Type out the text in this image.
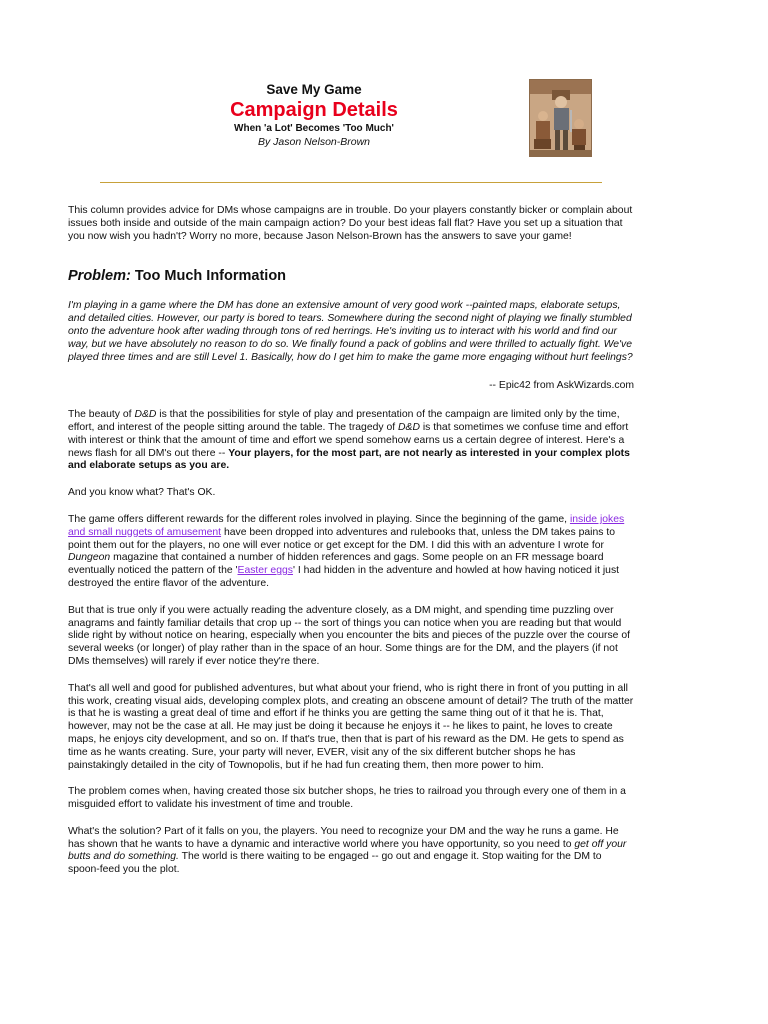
Save My Game
Campaign Details
When 'a Lot' Becomes 'Too Much'
By Jason Nelson-Brown

This column provides advice for DMs whose campaigns are in trouble. Do your players constantly bicker or complain about issues both inside and outside of the main campaign action? Do your best ideas fall flat? Have you set up a situation that you now wish you hadn't? Worry no more, because Jason Nelson-Brown has the answers to save your game!

Problem: Too Much Information

I'm playing in a game where the DM has done an extensive amount of very good work --painted maps, elaborate setups, and detailed cities. However, our party is bored to tears. Somewhere during the second night of playing we finally stumbled onto the adventure hook after wading through tons of red herrings. He's inviting us to interact with his world and find our way, but we have absolutely no reason to do so. We finally found a pack of goblins and were thrilled to actually fight. We've played three times and are still Level 1. Basically, how do I get him to make the game more engaging without hurt feelings?

-- Epic42 from AskWizards.com

The beauty of D&D is that the possibilities for style of play and presentation of the campaign are limited only by the time, effort, and interest of the people sitting around the table. The tragedy of D&D is that sometimes we confuse time and effort with interest or think that the amount of time and effort we spend somehow earns us a certain degree of interest. Here's a news flash for all DM's out there -- Your players, for the most part, are not nearly as interested in your complex plots and elaborate setups as you are.

And you know what? That's OK.

The game offers different rewards for the different roles involved in playing. Since the beginning of the game, inside jokes and small nuggets of amusement have been dropped into adventures and rulebooks that, unless the DM takes pains to point them out for the players, no one will ever notice or get except for the DM. I did this with an adventure I wrote for Dungeon magazine that contained a number of hidden references and gags. Some people on an FR message board eventually noticed the pattern of the 'Easter eggs' I had hidden in the adventure and howled at how having noticed it just destroyed the entire flavor of the adventure.

But that is true only if you were actually reading the adventure closely, as a DM might, and spending time puzzling over anagrams and faintly familiar details that crop up -- the sort of things you can notice when you are reading but that would slide right by without notice on hearing, especially when you encounter the bits and pieces of the puzzle over the course of several weeks (or longer) of play rather than in the space of an hour. Some things are for the DM, and the players (if not DMs themselves) will rarely if ever notice they're there.

That's all well and good for published adventures, but what about your friend, who is right there in front of you putting in all this work, creating visual aids, developing complex plots, and creating an obscene amount of detail? The truth of the matter is that he is wasting a great deal of time and effort if he thinks you are getting the same thing out of it that he is. That, however, may not be the case at all. He may just be doing it because he enjoys it -- he likes to paint, he loves to create maps, he enjoys city development, and so on. If that's true, then that is part of his reward as the DM. He gets to spend as time as he wants creating. Sure, your party will never, EVER, visit any of the six different butcher shops he has painstakingly detailed in the city of Townopolis, but if he had fun creating them, then more power to him.

The problem comes when, having created those six butcher shops, he tries to railroad you through every one of them in a misguided effort to validate his investment of time and trouble.

What's the solution? Part of it falls on you, the players. You need to recognize your DM and the way he runs a game. He has shown that he wants to have a dynamic and interactive world where you have opportunity, so you need to get off your butts and do something. The world is there waiting to be engaged -- go out and engage it. Stop waiting for the DM to spoon-feed you the plot.
